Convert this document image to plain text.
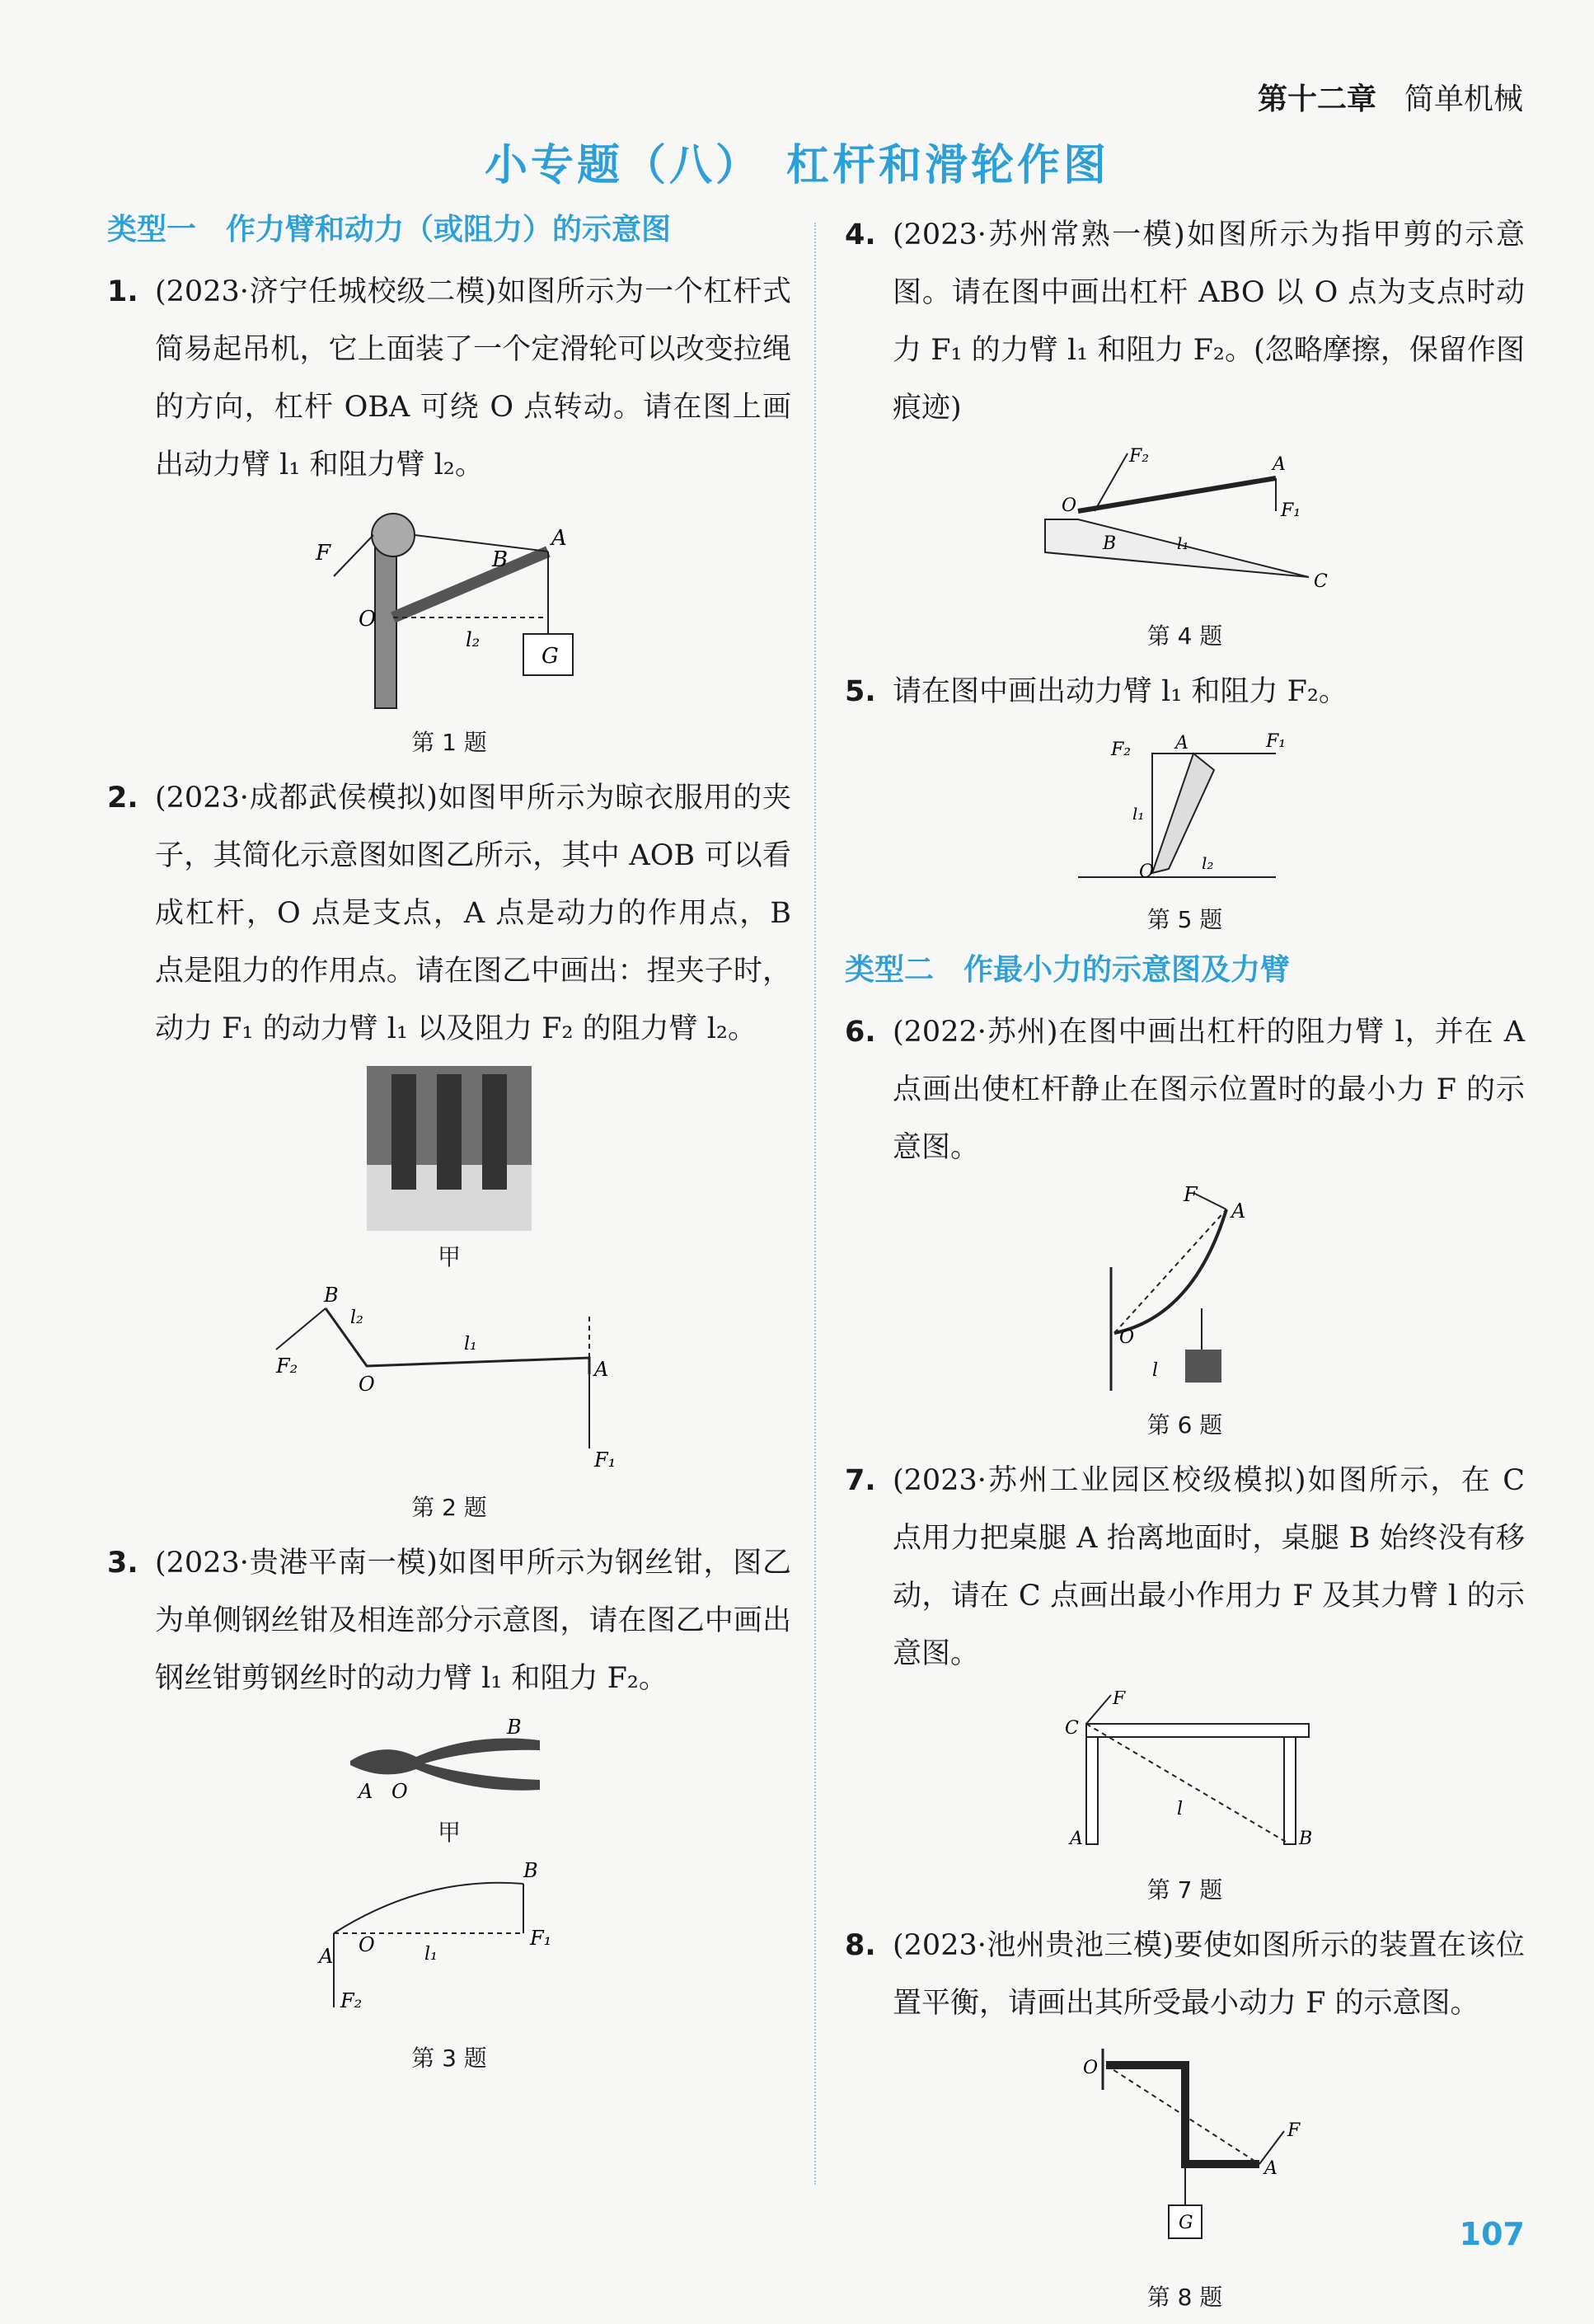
第十二章 简单机械
小专题（八）　杠杆和滑轮作图
类型一　作力臂和动力（或阻力）的示意图

1. (2023·济宁任城校级二模)如图所示为一个杠杆式简易起吊机，它上面装了一个定滑轮可以改变拉绳的方向，杠杆 OBA 可绕 O 点转动。请在图上画出动力臂 l₁ 和阻力臂 l₂。

G
F
O
B
A
l₂
第 1 题

2. (2023·成都武侯模拟)如图甲所示为晾衣服用的夹子，其简化示意图如图乙所示，其中 AOB 可以看成杠杆，O 点是支点，A 点是动力的作用点，B 点是阻力的作用点。请在图乙中画出：捏夹子时，动力 F₁ 的动力臂 l₁ 以及阻力 F₂ 的阻力臂 l₂。

甲
B
l₂
F₂
O
l₁
A
F₁
第 2 题

3. (2023·贵港平南一模)如图甲所示为钢丝钳，图乙为单侧钢丝钳及相连部分示意图，请在图乙中画出钢丝钳剪钢丝时的动力臂 l₁ 和阻力 F₂。

B
A O
甲
B
F₁
O
A
F₂
l₁
第 3 题

4. (2023·苏州常熟一模)如图所示为指甲剪的示意图。请在图中画出杠杆 ABO 以 O 点为支点时动力 F₁ 的力臂 l₁ 和阻力 F₂。(忽略摩擦，保留作图痕迹)

F₂	A
F₁
O
B	l₁
C
第 4 题

5. 请在图中画出动力臂 l₁ 和阻力 F₂。

F₂ A	F₁
l₁
O	l₂
第 5 题
类型二　作最小力的示意图及力臂

6. (2022·苏州)在图中画出杠杆的阻力臂 l，并在 A 点画出使杠杆静止在图示位置时的最小力 F 的示意图。

F
A
O
l
第 6 题

7. (2023·苏州工业园区校级模拟)如图所示，在 C 点用力把桌腿 A 抬离地面时，桌腿 B 始终没有移动，请在 C 点画出最小作用力 F 及其力臂 l 的示意图。

F
C
A	B
l
第 7 题

8. (2023·池州贵池三模)要使如图所示的装置在该位置平衡，请画出其所受最小动力 F 的示意图。

G
F
A
O
第 8 题
107
